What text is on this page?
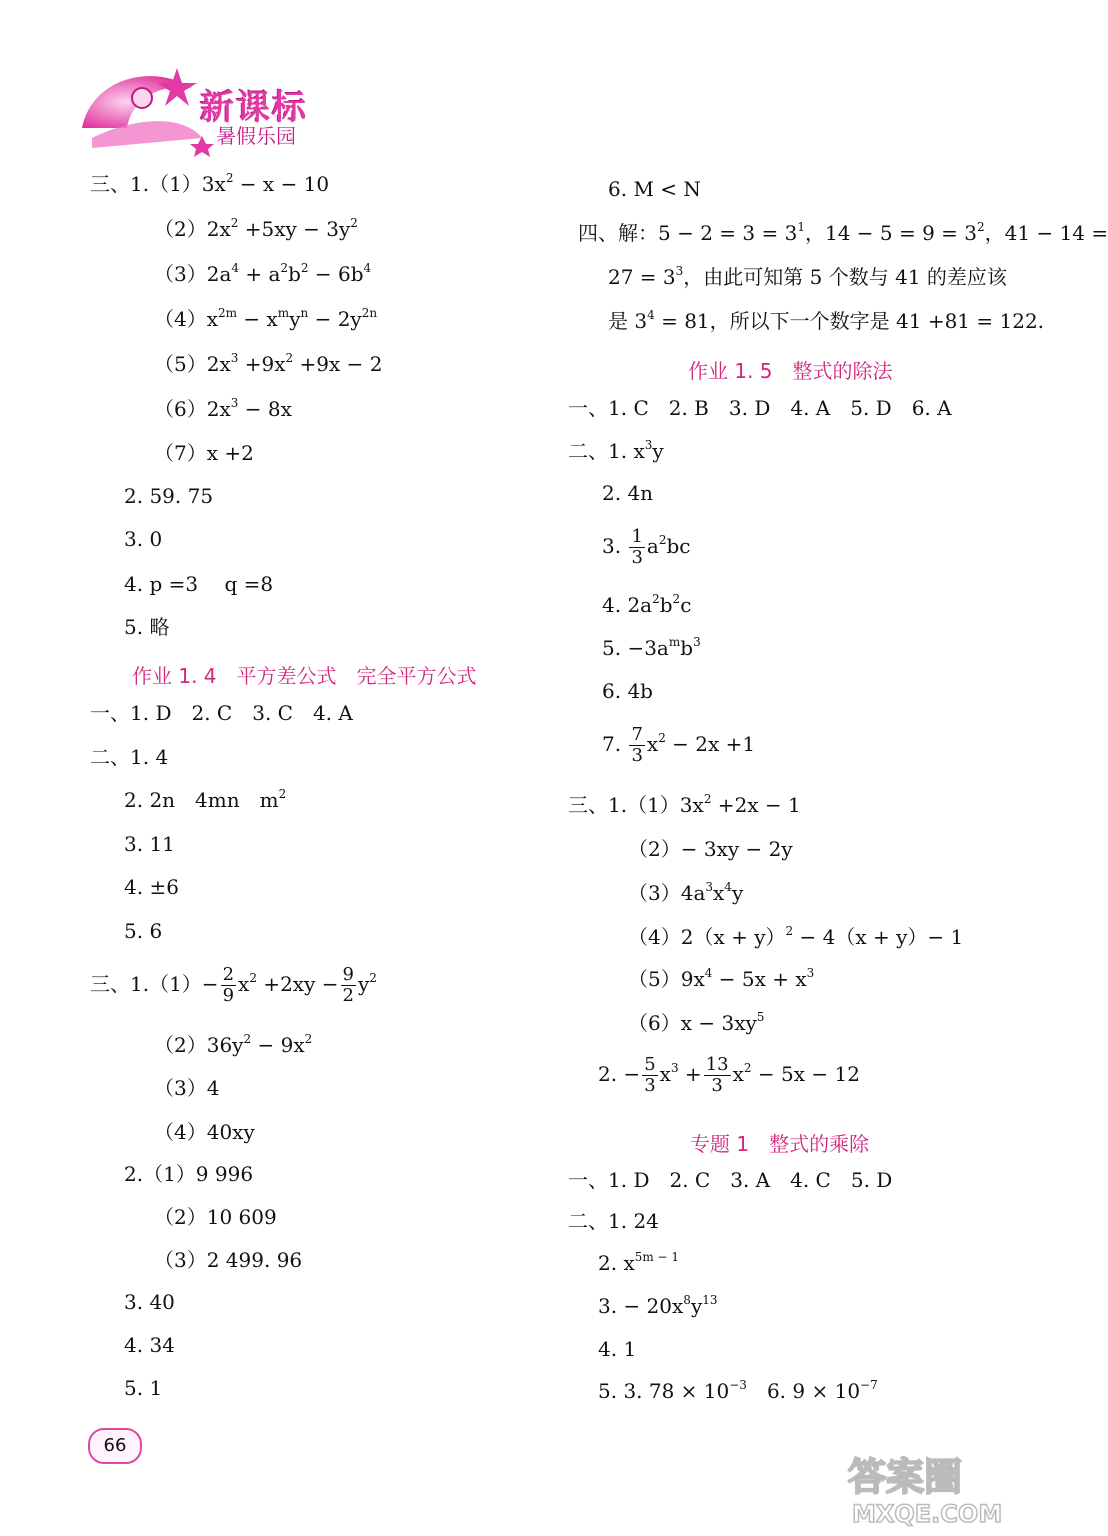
新课标
暑假乐园
三、$1.(1)3x^2 - x - 10$
$(2)2x^2 +5xy - 3y^2$
$(3)2a^4 + a^2b^2 - 6b^4$
$(4)x^{2m} - x^my^n - 2y^{2n}$
$(5)2x^3 +9x^2 +9x - 2$
$(6)2x^3 - 8x$
（7）x +2
2. 59. 75
3. 0
4. p =3　 q =8
5. 略
作业 1. 4　平方差公式　完全平方公式
一、1. D　2. C　3. C　4. A
二、1. 4
2. 2n　4mn　$m^2$
3. 11
4. ±6
5. 6
三、$1.(1)- \frac{2}{9} x^2 +2xy - \frac{9}{2} y^2$
$(2)36y^2 - 9x^2$
（3）4
（4）40xy
2.（1）9 996
（2）10 609
（3）2 499. 96
3. 40
4. 34
5. 1
66
6. M < N
四、解：$5 - 2 = 3 = 3^1$，$14 - 5 = 9 = 3^2$，41 − 14 =
$27 = 3^3$，由此可知第 5 个数与 41 的差应该
是 $3^4 = 81$，所以下一个数字是 41 +81 = 122.
作业 1. 5　整式的除法
一、1. C　2. B　3. D　4. A　5. D　6. A
二、1. $x^3y$
2. 4n
3. $\frac{1}{3} a^2bc$
4. $2a^2b^2c$
5. $-3a^mb^3$
6. 4b
7. $\frac{7}{3} x^2 - 2x +1$
三、$1.(1)3x^2 +2x - 1$
（2）− 3xy − 2y
$(3)4a^3x^4y$
$(4)2(x + y)^2 - 4(x + y)- 1$
$(5)9x^4 - 5x + x^3$
$(6)x - 3xy^5$
2. − $\frac{5}{3} x^3 + \frac{13}{3} x^2 - 5x - 12$
专题 1　整式的乘除
一、1. D　2. C　3. A　4. C　5. D
二、1. 24
2. $x^{5m - 1}$
3. − $20x^8y^{13}$
4. 1
5. 3. $78 \times 10^{-3}$　6. $9 \times 10^{-7}$
答案圈
MXQE.COM
